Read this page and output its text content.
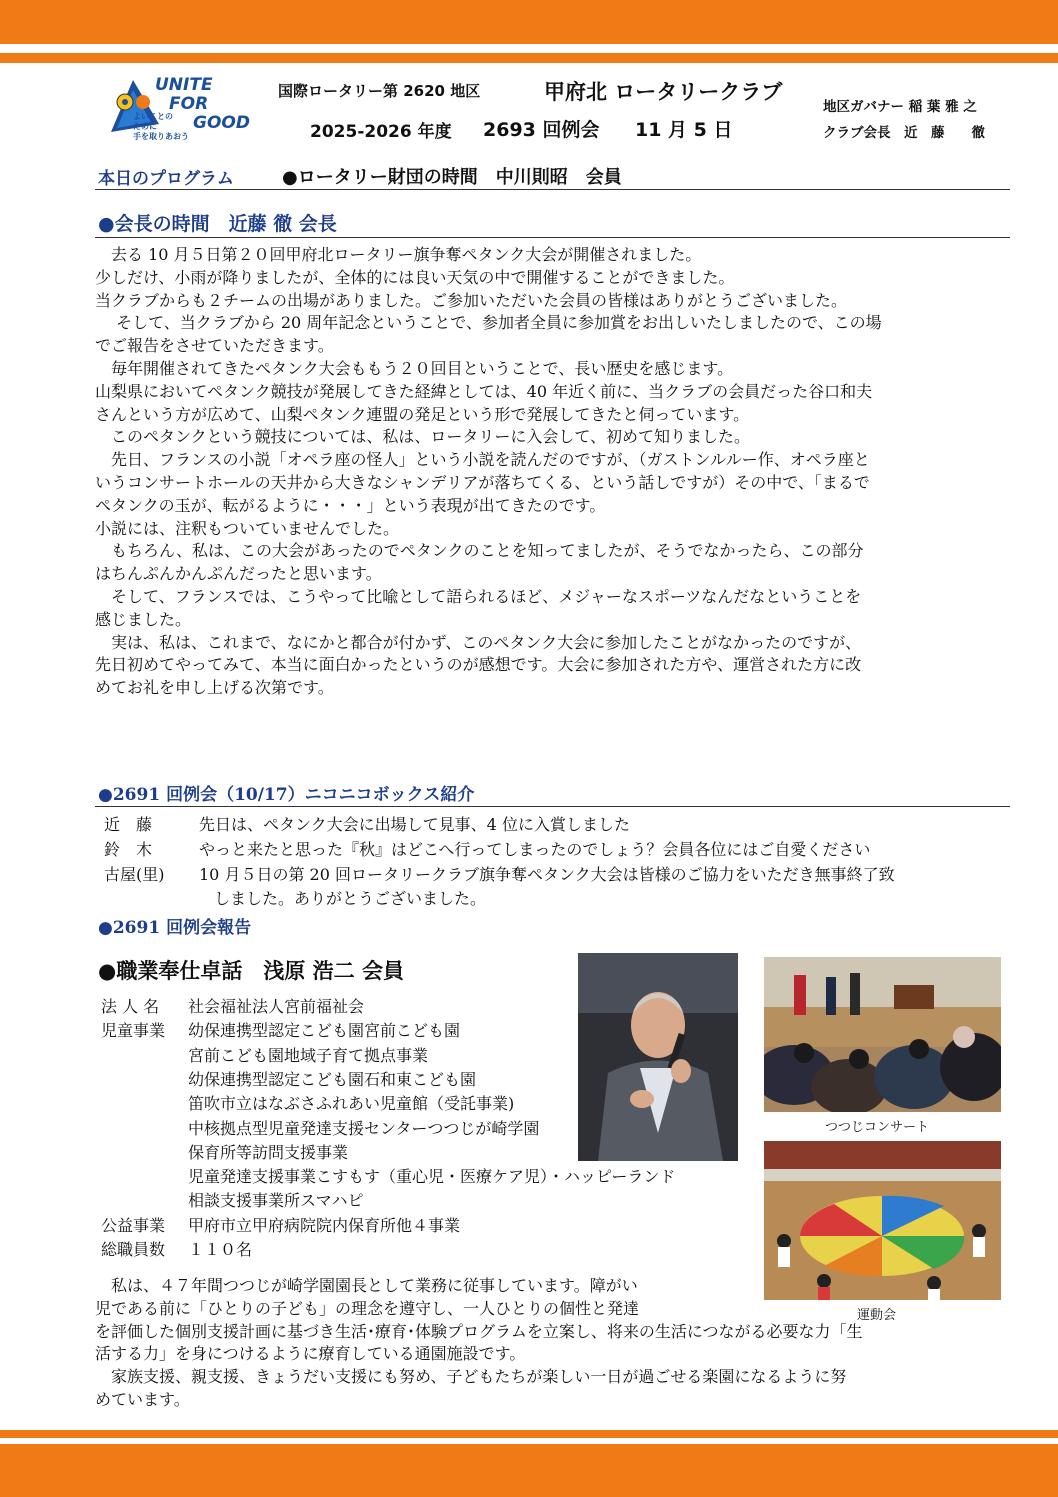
UNITE
FOR
GOOD
よいことの
ために
手を取りあおう
国際ロータリー第 2620 地区	甲府北 ロータリークラブ
2025-2026 年度 2693 回例会 11 月 5 日
地区ガバナー 稲 葉 雅 之
クラブ会長　近　藤　　徹
本日のプログラム	●ロータリー財団の時間　中川則昭　会員
●会長の時間　近藤 徹 会長

　去る 10 月５日第２０回甲府北ロータリー旗争奪ペタンク大会が開催されました。

少しだけ、小雨が降りましたが、全体的には良い天気の中で開催することができました。

当クラブからも２チームの出場がありました。ご参加いただいた会員の皆様はありがとうございました。

　 そして、当クラブから 20 周年記念ということで、参加者全員に参加賞をお出しいたしましたので、この場

でご報告をさせていただきます。

　毎年開催されてきたペタンク大会ももう２０回目ということで、長い歴史を感じます。

山梨県においてペタンク競技が発展してきた経緯としては、40 年近く前に、当クラブの会員だった谷口和夫

さんという方が広めて、山梨ペタンク連盟の発足という形で発展してきたと伺っています。

　このペタンクという競技については、私は、ロータリーに入会して、初めて知りました。

　先日、フランスの小説「オペラ座の怪人」という小説を読んだのですが、（ガストンルルー作、オペラ座と

いうコンサートホールの天井から大きなシャンデリアが落ちてくる、という話しですが）その中で、「まるで

ペタンクの玉が、転がるように・・・」という表現が出てきたのです。

小説には、注釈もついていませんでした。

　もちろん、私は、この大会があったのでペタンクのことを知ってましたが、そうでなかったら、この部分

はちんぷんかんぷんだったと思います。

　そして、フランスでは、こうやって比喩として語られるほど、メジャーなスポーツなんだなということを

感じました。

　実は、私は、これまで、なにかと都合が付かず、このペタンク大会に参加したことがなかったのですが、

先日初めてやってみて、本当に面白かったというのが感想です。大会に参加された方や、運営された方に改

めてお礼を申し上げる次第です。

●2691 回例会（10/17）ニコニコボックス紹介
近　藤	先日は、ペタンク大会に出場して見事、4 位に入賞しました
鈴　木	やっと来たと思った『秋』はどこへ行ってしまったのでしょう？会員各位にはご自愛ください
古屋(里) 10 月５日の第 20 回ロータリークラブ旗争奪ペタンク大会は皆様のご協力をいただき無事終了致
しました。ありがとうございました。
●2691 回例会報告
●職業奉仕卓話　浅原 浩二 会員
法 人 名 社会福祉法人宮前福祉会
児童事業 幼保連携型認定こども園宮前こども園
宮前こども園地域子育て拠点事業
幼保連携型認定こども園石和東こども園
笛吹市立はなぶさふれあい児童館（受託事業)
中核拠点型児童発達支援センターつつじが崎学園
保育所等訪問支援事業
児童発達支援事業こすもす（重心児・医療ケア児）・ハッピーランド
相談支援事業所スマハピ
公益事業 甲府市立甲府病院院内保育所他４事業
総職員数 １１０名
つつじコンサート
運動会

　私は、４７年間つつじが崎学園園長として業務に従事しています。障がい

児である前に「ひとりの子ども」の理念を遵守し、一人ひとりの個性と発達

を評価した個別支援計画に基づき生活･療育･体験プログラムを立案し、将来の生活につながる必要な力「生

活する力」を身につけるように療育している通園施設です。

　家族支援、親支援、きょうだい支援にも努め、子どもたちが楽しい一日が過ごせる楽園になるように努

めています。
